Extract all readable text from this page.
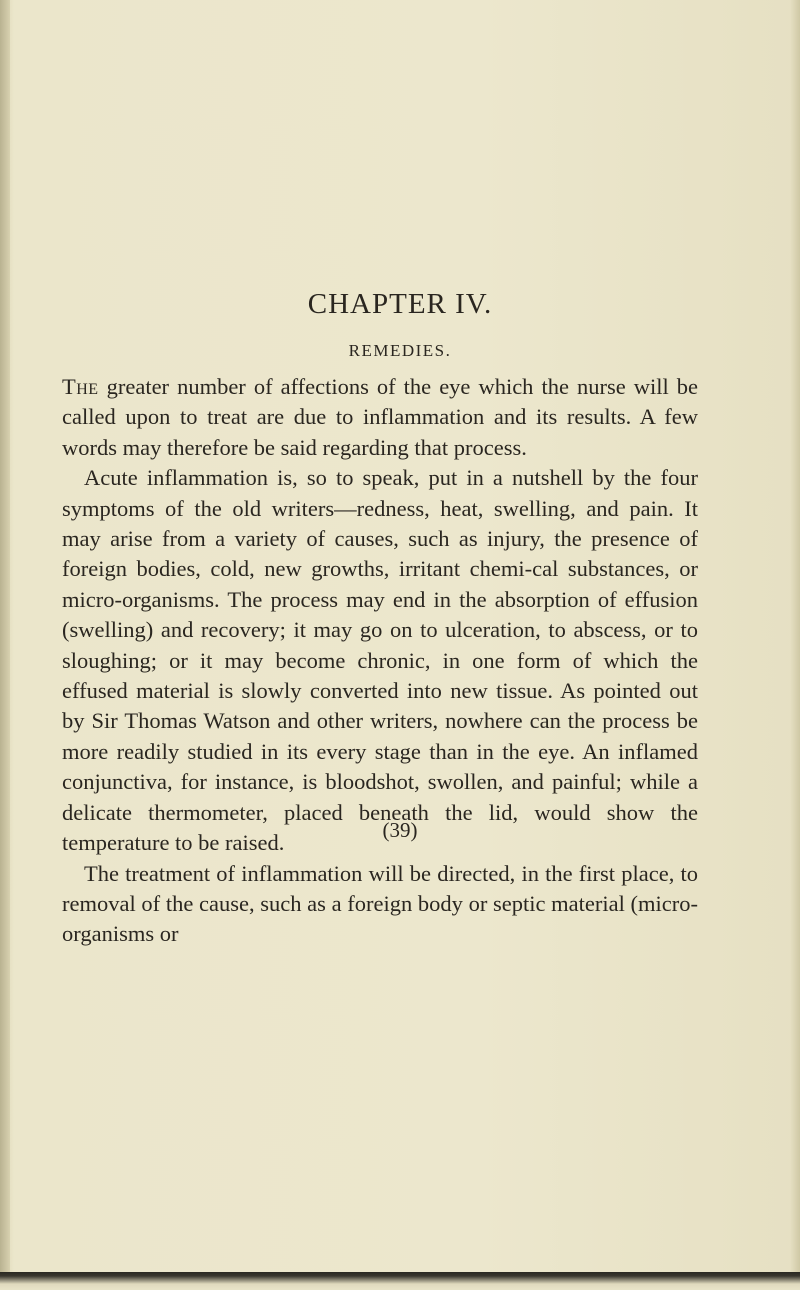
CHAPTER IV.
REMEDIES.

The greater number of affections of the eye which the nurse will be called upon to treat are due to inflammation and its results. A few words may therefore be said regarding that process.

Acute inflammation is, so to speak, put in a nutshell by the four symptoms of the old writers—redness, heat, swelling, and pain. It may arise from a variety of causes, such as injury, the presence of foreign bodies, cold, new growths, irritant chemi-cal substances, or micro-organisms. The process may end in the absorption of effusion (swelling) and recovery; it may go on to ulceration, to abscess, or to sloughing; or it may become chronic, in one form of which the effused material is slowly converted into new tissue. As pointed out by Sir Thomas Watson and other writers, nowhere can the process be more readily studied in its every stage than in the eye. An inflamed conjunctiva, for instance, is bloodshot, swollen, and painful; while a delicate thermometer, placed beneath the lid, would show the temperature to be raised.

The treatment of inflammation will be directed, in the first place, to removal of the cause, such as a foreign body or septic material (micro-organisms or

(39)
